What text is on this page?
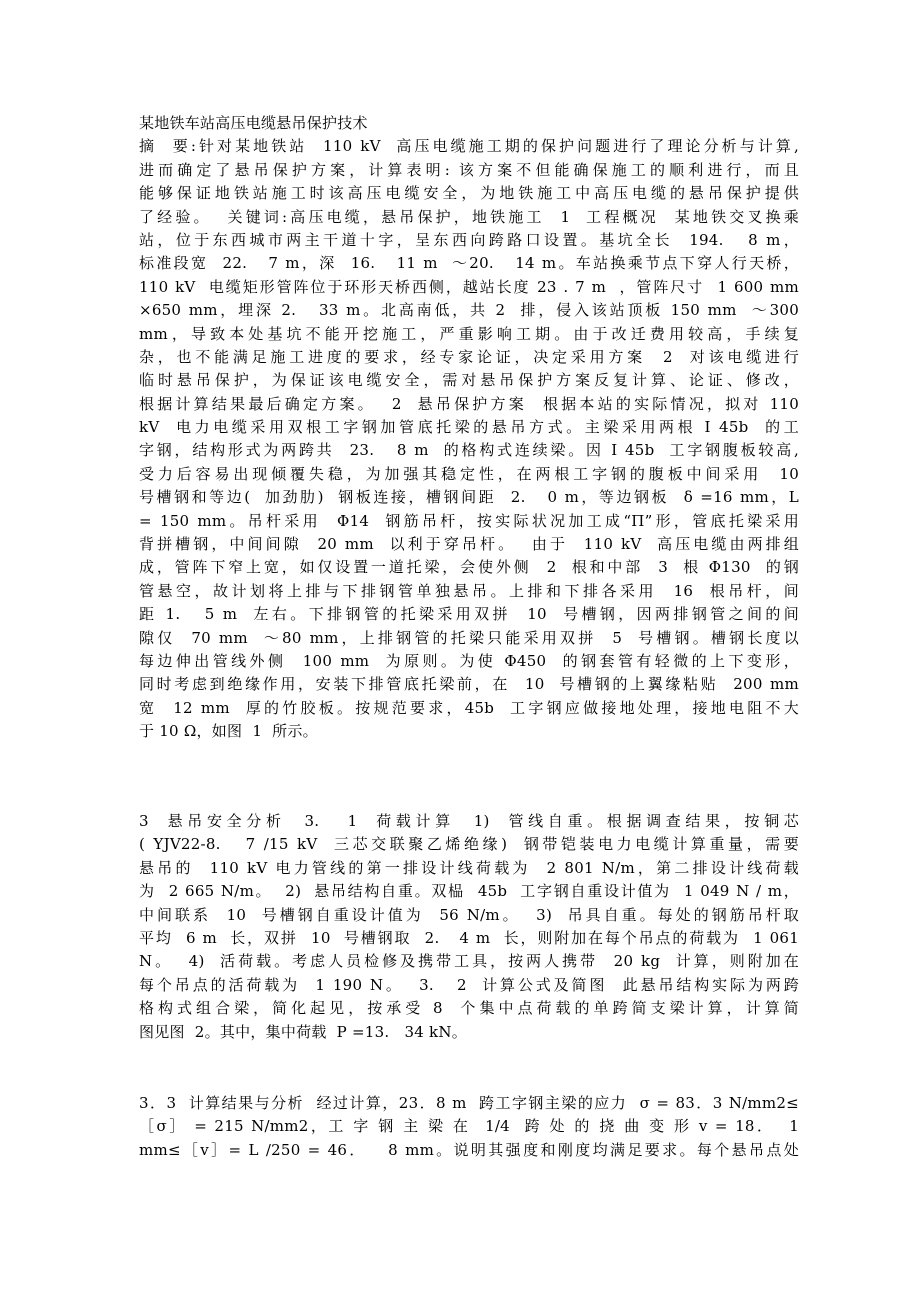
某地铁车站高压电缆悬吊保护技术
摘  要:针对某地铁站  110 kV  高压电缆施工期的保护问题进行了理论分析与计算,
进而确定了悬吊保护方案，计算表明: 该方案不但能确保施工的顺利进行，而且
能够保证地铁站施工时该高压电缆安全，为地铁施工中高压电缆的悬吊保护提供
了经验。  关键词:高压电缆，悬吊保护，地铁施工  1  工程概况  某地铁交叉换乘
站，位于东西城市两主干道十字，呈东西向跨路口设置。基坑全长  194.   8 m，
标准段宽  22.   7 m，深  16.   11 m  ～20.   14 m。车站换乘节点下穿人行天桥，
110 kV  电缆矩形管阵位于环形天桥西侧，越站长度 23 . 7 m  ，管阵尺寸  1 600 mm
×650 mm，埋深 2.   33 m。北高南低，共 2  排，侵入该站顶板 150 mm  ～300
mm，导致本处基坑不能开挖施工，严重影响工期。由于改迁费用较高，手续复
杂，也不能满足施工进度的要求，经专家论证，决定采用方案  2  对该电缆进行
临时悬吊保护，为保证该电缆安全，需对悬吊保护方案反复计算、论证、修改，
根据计算结果最后确定方案。  2  悬吊保护方案  根据本站的实际情况，拟对 110
kV  电力电缆采用双根工字钢加管底托梁的悬吊方式。主梁采用两根 I 45b  的工
字钢，结构形式为两跨共  23.   8 m  的格构式连续梁。因 I 45b  工字钢腹板较高,
受力后容易出现倾覆失稳，为加强其稳定性，在两根工字钢的腹板中间采用  10
号槽钢和等边(  加劲肋)  钢板连接，槽钢间距  2.   0 m，等边钢板  δ =16 mm，L
= 150 mm。吊杆采用  Φ14  钢筋吊杆，按实际状况加工成“Π”形，管底托梁采用
背拼槽钢，中间间隙  20 mm  以利于穿吊杆。  由于  110 kV  高压电缆由两排组
成，管阵下窄上宽，如仅设置一道托梁，会使外侧  2  根和中部  3  根 Φ130  的钢
管悬空，故计划将上排与下排钢管单独悬吊。上排和下排各采用  16  根吊杆，间
距 1.   5 m  左右。下排钢管的托梁采用双拼  10  号槽钢，因两排钢管之间的间
隙仅  70 mm  ～80 mm，上排钢管的托梁只能采用双拼  5  号槽钢。槽钢长度以
每边伸出管线外侧  100 mm  为原则。为使 Φ450  的钢套管有轻微的上下变形，
同时考虑到绝缘作用，安装下排管底托梁前，在  10  号槽钢的上翼缘粘贴  200 mm
宽  12 mm  厚的竹胶板。按规范要求，45b  工字钢应做接地处理，接地电阻不大
于 10 Ω，如图  1  所示。
3  悬吊安全分析  3.   1  荷载计算  1)  管线自重。根据调查结果，按铜芯
( YJV22-8.   7 /15 kV  三芯交联聚乙烯绝缘)  钢带铠装电力电缆计算重量，需要
悬吊的  110 kV 电力管线的第一排设计线荷载为  2 801 N/m，第二排设计线荷载
为  2 665 N/m。  2)  悬吊结构自重。双榀  45b  工字钢自重设计值为  1 049 N / m，
中间联系  10  号槽钢自重设计值为  56 N/m。  3)  吊具自重。每处的钢筋吊杆取
平均  6 m  长，双拼  10  号槽钢取  2.   4 m  长，则附加在每个吊点的荷载为  1 061
N。  4)  活荷载。考虑人员检修及携带工具，按两人携带  20 kg  计算，则附加在
每个吊点的活荷载为  1 190 N。  3.   2  计算公式及简图  此悬吊结构实际为两跨
格构式组合梁，简化起见，按承受 8  个集中点荷载的单跨简支梁计算，计算简
图见图  2。其中，集中荷载  P =13.   34 kN。
3．3  计算结果与分析  经过计算，23．8 m  跨工字钢主梁的应力  σ = 83．3 N/mm2≤
［σ］ = 215 N/mm2，工 字 钢 主 梁 在  1/4  跨 处 的 挠 曲 变 形 v = 18．  1
mm≤［v］= L /250 = 46．   8 mm。说明其强度和刚度均满足要求。每个悬吊点处
